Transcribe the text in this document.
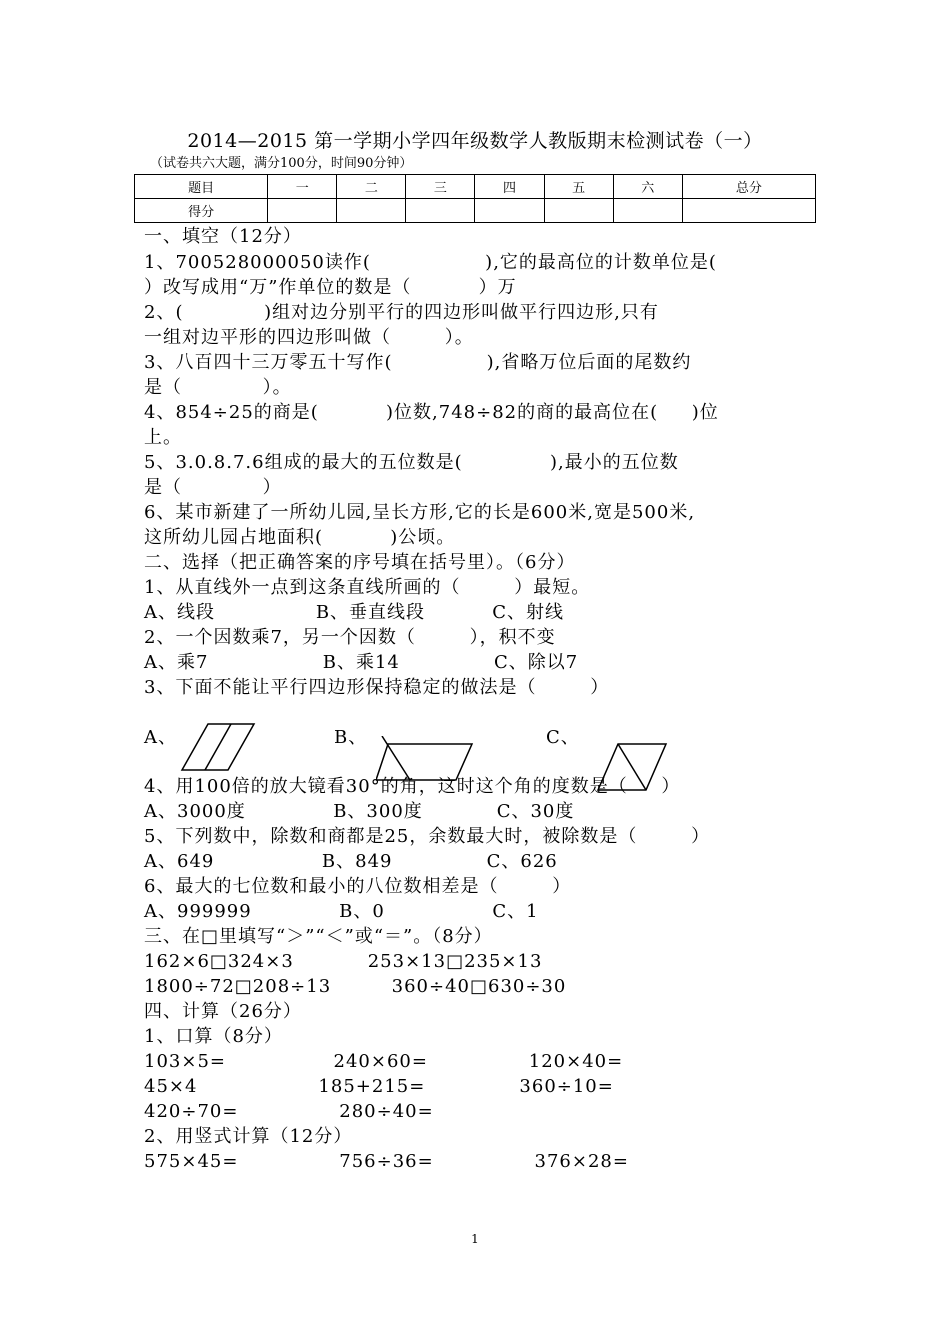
2014—2015 第一学期小学四年级数学人教版期末检测试卷（一）
（试卷共六大题，满分100分，时间90分钟）
题目	一	二	三	四	五	六	总分
得分							
一、填空（12分）
1、700528000050读作(                 ),它的最高位的计数单位是(
）改写成用“万”作单位的数是（          ）万
2、(            )组对边分别平行的四边形叫做平行四边形,只有
一组对边平形的四边形叫做（        ）。
3、八百四十三万零五十写作(              ),省略万位后面的尾数约
是（            ）。
4、854÷25的商是(          )位数,748÷82的商的最高位在(     )位
上。
5、3.0.8.7.6组成的最大的五位数是(             ),最小的五位数
是（            ）
6、某市新建了一所幼儿园,呈长方形,它的长是600米,宽是500米,
这所幼儿园占地面积(          )公顷。
二、选择（把正确答案的序号填在括号里）。（6分）
1、从直线外一点到这条直线所画的（        ）最短。
A、线段               B、垂直线段          C、射线
2、一个因数乘7，另一个因数（        ），积不变
A、乘7                 B、乘14              C、除以7
3、下面不能让平行四边形保持稳定的做法是（        ）
A、	B、	C、
4、用100倍的放大镜看30°的角，这时这个角的度数是（     ）
A、3000度             B、300度           C、30度
5、下列数中，除数和商都是25，余数最大时，被除数是（        ）
A、649                B、849              C、626
6、最大的七位数和最小的八位数相差是（        ）
A、999999             B、0                C、1
三、在□里填写“＞”“＜”或“＝”。（8分）
162×6□324×3           253×13□235×13
1800÷72□208÷13         360÷40□630÷30
四、计算（26分）
1、口算（8分）
103×5=                240×60=               120×40=
45×4                  185+215=              360÷10=
420÷70=               280÷40=
2、用竖式计算（12分）
575×45=               756÷36=               376×28=
1
